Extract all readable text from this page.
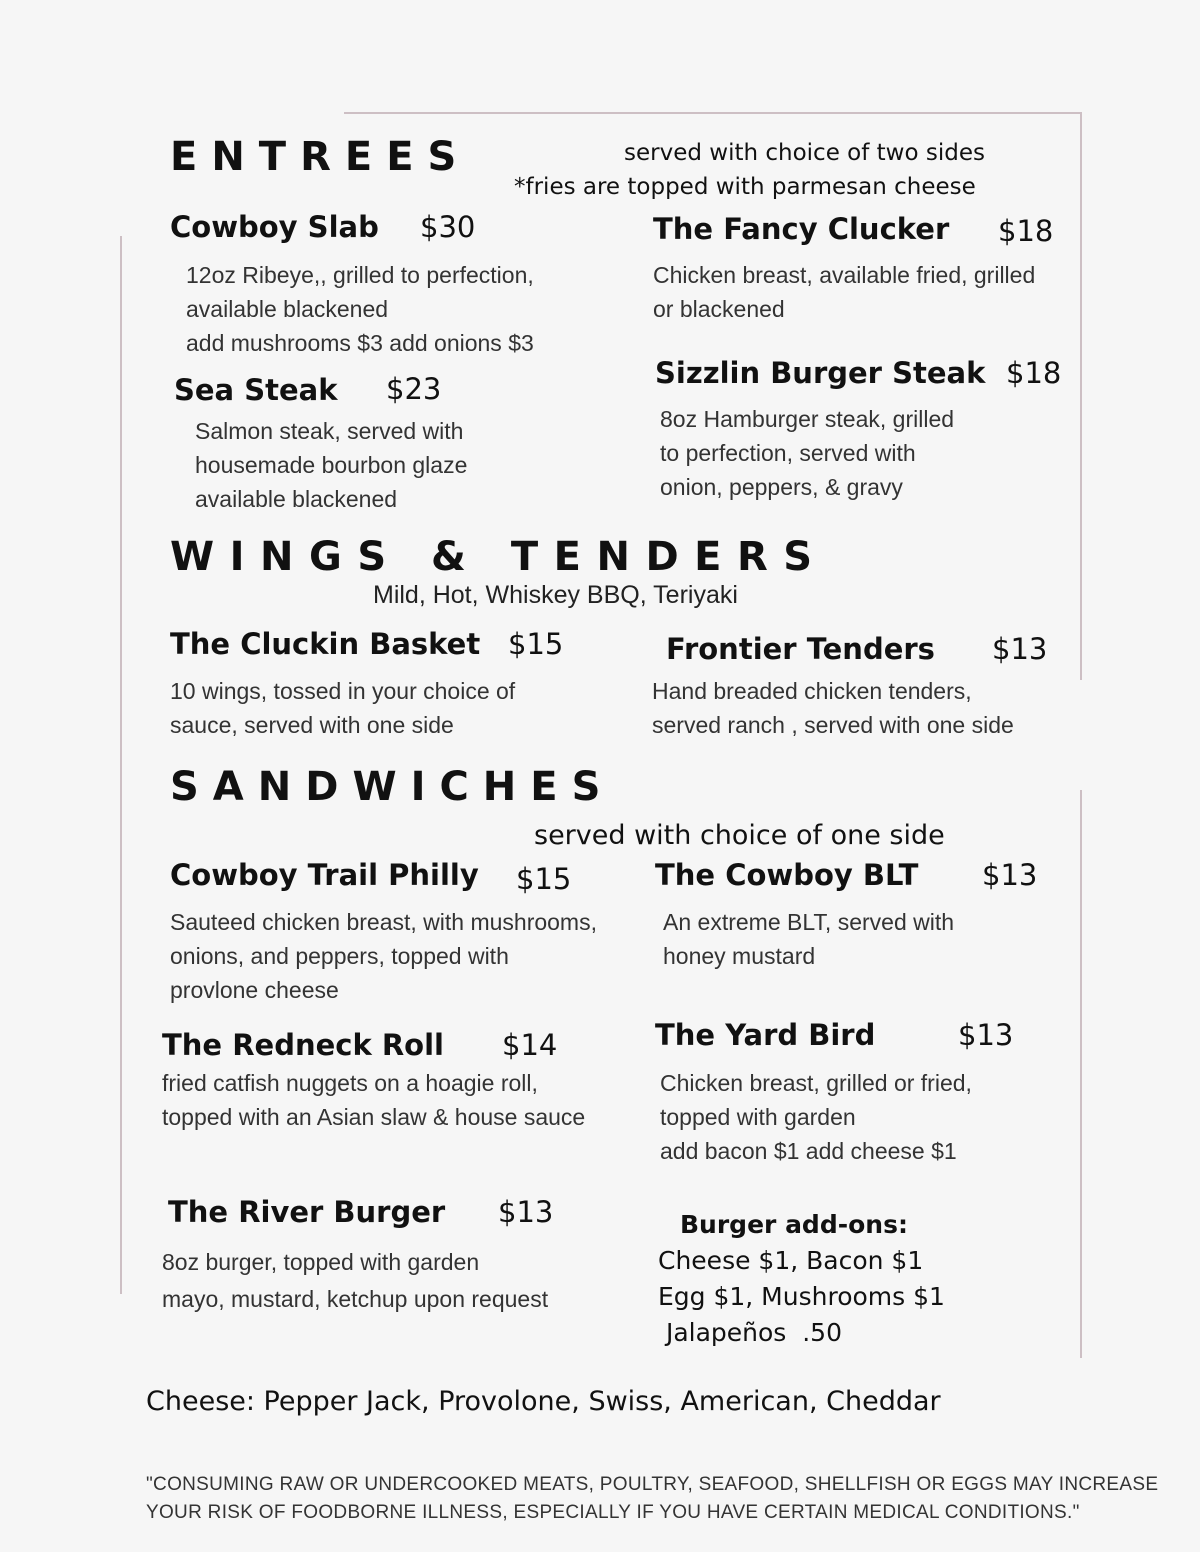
ENTREES	served with choice of two sides
*fries are topped with parmesan cheese
Cowboy Slab $30
12oz Ribeye,, grilled to perfection,
available blackened
add mushrooms $3 add onions $3
The Fancy Clucker $18
Chicken breast, available fried, grilled
or blackened
Sea Steak $23
Salmon steak, served with
housemade bourbon glaze
available blackened
Sizzlin Burger Steak $18
8oz Hamburger steak, grilled
to perfection, served with
onion, peppers, & gravy
WINGS & TENDERS
Mild, Hot, Whiskey BBQ, Teriyaki
The Cluckin Basket $15
10 wings, tossed in your choice of
sauce, served with one side
Frontier Tenders $13
Hand breaded chicken tenders,
served ranch , served with one side
SANDWICHES
served with choice of one side
Cowboy Trail Philly $15
Sauteed chicken breast, with mushrooms,
onions, and peppers, topped with
provlone cheese
The Cowboy BLT $13
An extreme BLT, served with
honey mustard
The Redneck Roll $14
fried catfish nuggets on a hoagie roll,
topped with an Asian slaw & house sauce
The Yard Bird	$13
Chicken breast, grilled or fried,
topped with garden
add bacon $1 add cheese $1
The River Burger $13
8oz burger, topped with garden
mayo, mustard, ketchup upon request
Burger add-ons:
Cheese $1, Bacon $1
Egg $1, Mushrooms $1
Jalapeños  .50
Cheese: Pepper Jack, Provolone, Swiss, American, Cheddar
"CONSUMING RAW OR UNDERCOOKED MEATS, POULTRY, SEAFOOD, SHELLFISH OR EGGS MAY INCREASE
YOUR RISK OF FOODBORNE ILLNESS, ESPECIALLY IF YOU HAVE CERTAIN MEDICAL CONDITIONS."
